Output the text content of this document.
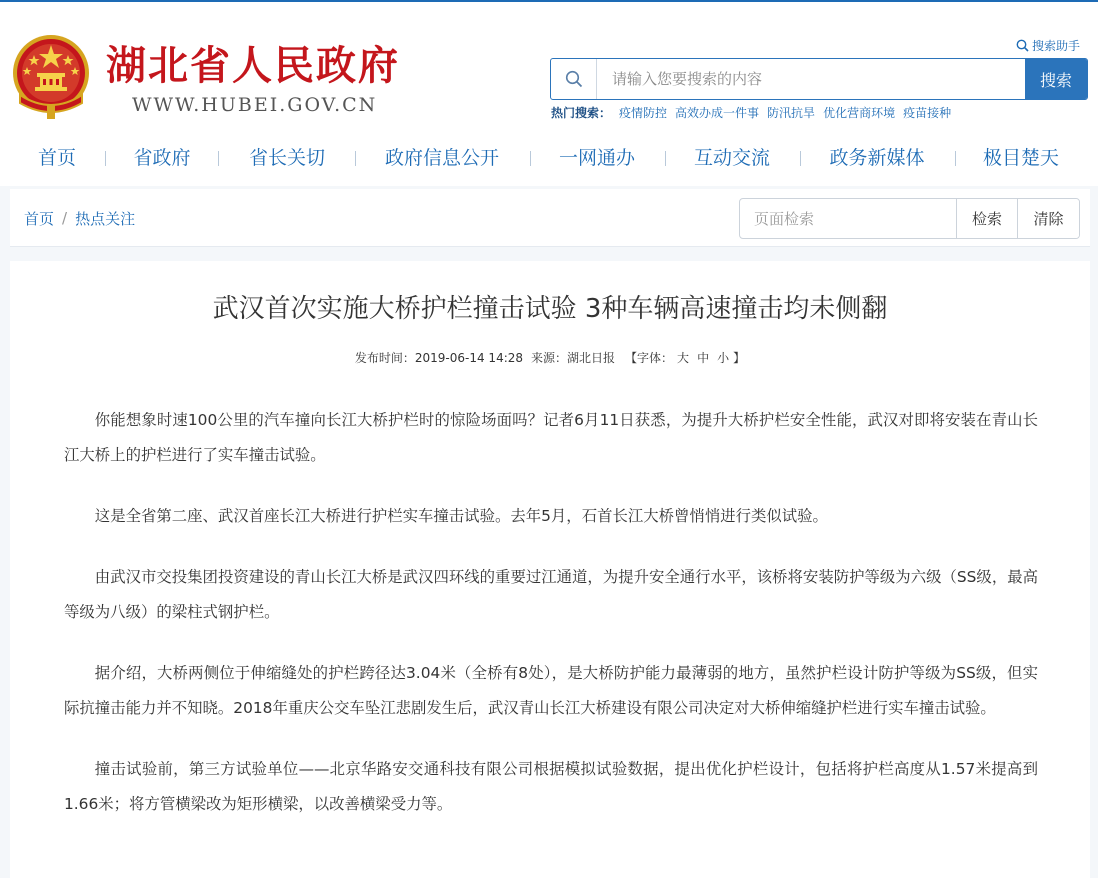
湖北省人民政府
WWW.HUBEI.GOV.CN
搜索助手
请输入您要搜索的内容
搜索
热门搜索： 疫情防控 高效办成一件事 防汛抗旱 优化营商环境 疫苗接种
首页	省政府	省长关切	政府信息公开	一网通办	互动交流	政务新媒体	极目楚天
首页 / 热点关注
页面检索	检索	清除
武汉首次实施大桥护栏撞击试验 3种车辆高速撞击均未侧翻
发布时间：2019-06-14 14:28 来源：湖北日报 【字体： 大 中 小 】

你能想象时速100公里的汽车撞向长江大桥护栏时的惊险场面吗？记者6月11日获悉，为提升大桥护栏安全性能，武汉对即将安装在青山长江大桥上的护栏进行了实车撞击试验。

这是全省第二座、武汉首座长江大桥进行护栏实车撞击试验。去年5月，石首长江大桥曾悄悄进行类似试验。

由武汉市交投集团投资建设的青山长江大桥是武汉四环线的重要过江通道，为提升安全通行水平，该桥将安装防护等级为六级（SS级，最高等级为八级）的梁柱式钢护栏。

据介绍，大桥两侧位于伸缩缝处的护栏跨径达3.04米（全桥有8处），是大桥防护能力最薄弱的地方，虽然护栏设计防护等级为SS级，但实际抗撞击能力并不知晓。2018年重庆公交车坠江悲剧发生后，武汉青山长江大桥建设有限公司决定对大桥伸缩缝护栏进行实车撞击试验。

撞击试验前，第三方试验单位——北京华路安交通科技有限公司根据模拟试验数据，提出优化护栏设计，包括将护栏高度从1.57米提高到1.66米；将方管横梁改为矩形横梁，以改善横梁受力等。
